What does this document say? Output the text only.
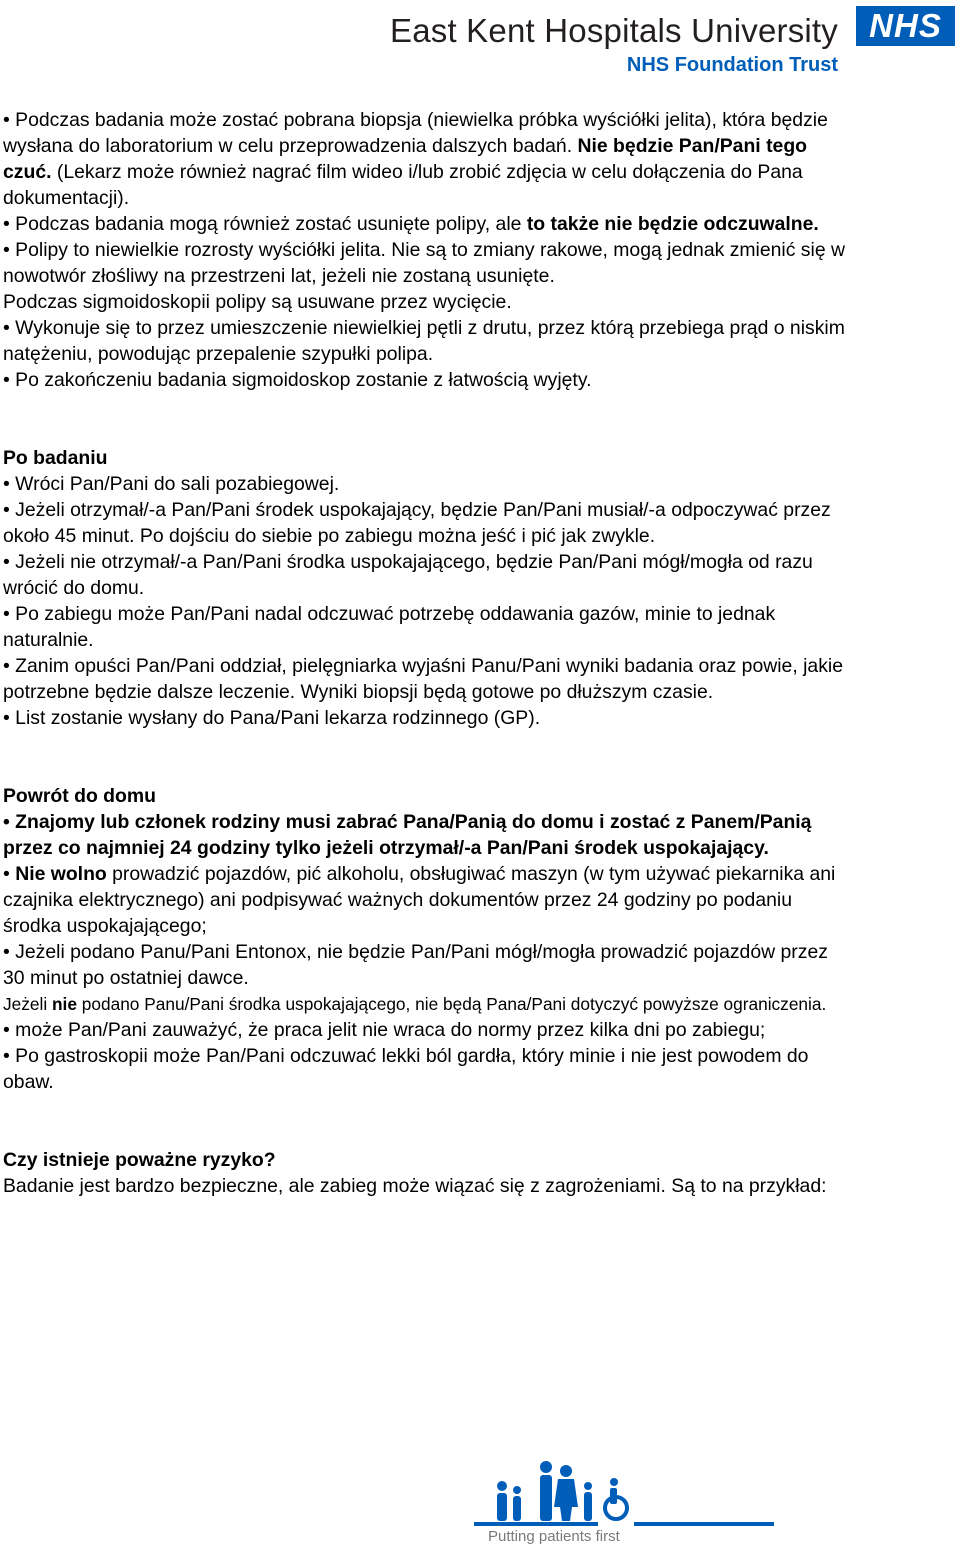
East Kent Hospitals University
NHS Foundation Trust
NHS

• Podczas badania może zostać pobrana biopsja (niewielka próbka wyściółki jelita), która będzie wysłana do laboratorium w celu przeprowadzenia dalszych badań. Nie będzie Pan/Pani tego czuć. (Lekarz może również nagrać film wideo i/lub zrobić zdjęcia w celu dołączenia do Pana dokumentacji).

• Podczas badania mogą również zostać usunięte polipy, ale to także nie będzie odczuwalne.

• Polipy to niewielkie rozrosty wyściółki jelita. Nie są to zmiany rakowe, mogą jednak zmienić się w nowotwór złośliwy na przestrzeni lat, jeżeli nie zostaną usunięte.

Podczas sigmoidoskopii polipy są usuwane przez wycięcie.

• Wykonuje się to przez umieszczenie niewielkiej pętli z drutu, przez którą przebiega prąd o niskim natężeniu, powodując przepalenie szypułki polipa.

• Po zakończeniu badania sigmoidoskop zostanie z łatwością wyjęty.

Po badaniu

• Wróci Pan/Pani do sali pozabiegowej.

• Jeżeli otrzymał/-a Pan/Pani środek uspokajający, będzie Pan/Pani musiał/-a odpoczywać przez około 45 minut. Po dojściu do siebie po zabiegu można jeść i pić jak zwykle.

• Jeżeli nie otrzymał/-a Pan/Pani środka uspokajającego, będzie Pan/Pani mógł/mogła od razu wrócić do domu.

• Po zabiegu może Pan/Pani nadal odczuwać potrzebę oddawania gazów, minie to jednak naturalnie.

• Zanim opuści Pan/Pani oddział, pielęgniarka wyjaśni Panu/Pani wyniki badania oraz powie, jakie potrzebne będzie dalsze leczenie. Wyniki biopsji będą gotowe po dłuższym czasie.

• List zostanie wysłany do Pana/Pani lekarza rodzinnego (GP).

Powrót do domu

• Znajomy lub członek rodziny musi zabrać Pana/Panią do domu i zostać z Panem/Panią przez co najmniej 24 godziny tylko jeżeli otrzymał/-a Pan/Pani środek uspokajający.

• Nie wolno prowadzić pojazdów, pić alkoholu, obsługiwać maszyn (w tym używać piekarnika ani czajnika elektrycznego) ani podpisywać ważnych dokumentów przez 24 godziny po podaniu środka uspokajającego;

• Jeżeli podano Panu/Pani Entonox, nie będzie Pan/Pani mógł/mogła prowadzić pojazdów przez 30 minut po ostatniej dawce.

Jeżeli nie podano Panu/Pani środka uspokajającego, nie będą Pana/Pani dotyczyć powyższe ograniczenia.

• może Pan/Pani zauważyć, że praca jelit nie wraca do normy przez kilka dni po zabiegu;

• Po gastroskopii może Pan/Pani odczuwać lekki ból gardła, który minie i nie jest powodem do obaw.

Czy istnieje poważne ryzyko?

Badanie jest bardzo bezpieczne, ale zabieg może wiązać się z zagrożeniami. Są to na przykład:

Putting patients first
